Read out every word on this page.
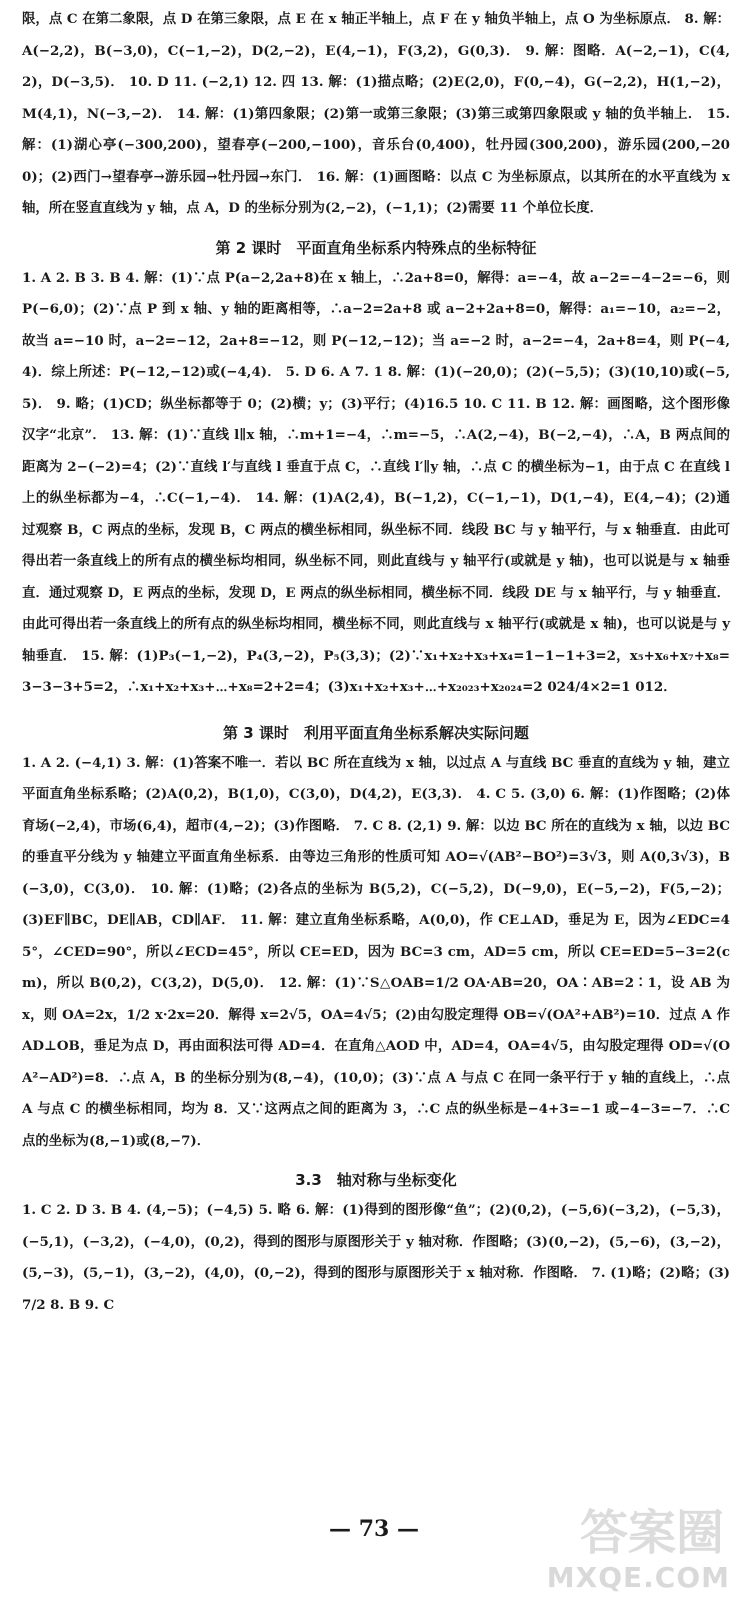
限，点 C 在第二象限，点 D 在第三象限，点 E 在 x 轴正半轴上，点 F 在 y 轴负半轴上，点 O 为坐标原点． 8. 解：A(−2,2)，B(−3,0)，C(−1,−2)，D(2,−2)，E(4,−1)，F(3,2)，G(0,3)． 9. 解：图略．A(−2,−1)，C(4,2)，D(−3,5)． 10. D 11. (−2,1) 12. 四 13. 解：(1)描点略；(2)E(2,0)，F(0,−4)，G(−2,2)，H(1,−2)，M(4,1)，N(−3,−2)． 14. 解：(1)第四象限；(2)第一或第三象限；(3)第三或第四象限或 y 轴的负半轴上． 15. 解：(1)湖心亭(−300,200)，望春亭(−200,−100)，音乐台(0,400)，牡丹园(300,200)，游乐园(200,−200)；(2)西门→望春亭→游乐园→牡丹园→东门． 16. 解：(1)画图略：以点 C 为坐标原点，以其所在的水平直线为 x 轴，所在竖直直线为 y 轴，点 A，D 的坐标分别为(2,−2)，(−1,1)；(2)需要 11 个单位长度．

第 2 课时　平面直角坐标系内特殊点的坐标特征

1. A 2. B 3. B 4. 解：(1)∵点 P(a−2,2a+8)在 x 轴上，∴2a+8=0，解得：a=−4，故 a−2=−4−2=−6，则 P(−6,0)；(2)∵点 P 到 x 轴、y 轴的距离相等，∴a−2=2a+8 或 a−2+2a+8=0，解得：a₁=−10，a₂=−2，故当 a=−10 时，a−2=−12，2a+8=−12，则 P(−12,−12)；当 a=−2 时，a−2=−4，2a+8=4，则 P(−4,4)．综上所述：P(−12,−12)或(−4,4)． 5. D 6. A 7. 1 8. 解：(1)(−20,0)；(2)(−5,5)；(3)(10,10)或(−5,5)． 9. 略；(1)CD；纵坐标都等于 0；(2)横；y；(3)平行；(4)16.5 10. C 11. B 12. 解：画图略，这个图形像汉字“北京”． 13. 解：(1)∵直线 l∥x 轴，∴m+1=−4，∴m=−5，∴A(2,−4)，B(−2,−4)，∴A，B 两点间的距离为 2−(−2)=4；(2)∵直线 l′与直线 l 垂直于点 C，∴直线 l′∥y 轴，∴点 C 的横坐标为−1，由于点 C 在直线 l 上的纵坐标都为−4，∴C(−1,−4)． 14. 解：(1)A(2,4)，B(−1,2)，C(−1,−1)，D(1,−4)，E(4,−4)；(2)通过观察 B，C 两点的坐标，发现 B，C 两点的横坐标相同，纵坐标不同．线段 BC 与 y 轴平行，与 x 轴垂直．由此可得出若一条直线上的所有点的横坐标均相同，纵坐标不同，则此直线与 y 轴平行(或就是 y 轴)，也可以说是与 x 轴垂直．通过观察 D，E 两点的坐标，发现 D，E 两点的纵坐标相同，横坐标不同．线段 DE 与 x 轴平行，与 y 轴垂直．由此可得出若一条直线上的所有点的纵坐标均相同，横坐标不同，则此直线与 x 轴平行(或就是 x 轴)，也可以说是与 y 轴垂直． 15. 解：(1)P₃(−1,−2)，P₄(3,−2)，P₅(3,3)；(2)∵x₁+x₂+x₃+x₄=1−1−1+3=2，x₅+x₆+x₇+x₈=3−3−3+5=2，∴x₁+x₂+x₃+⋯+x₈=2+2=4；(3)x₁+x₂+x₃+⋯+x₂₀₂₃+x₂₀₂₄=2 024/4×2=1 012．

第 3 课时　利用平面直角坐标系解决实际问题

1. A 2. (−4,1) 3. 解：(1)答案不唯一．若以 BC 所在直线为 x 轴，以过点 A 与直线 BC 垂直的直线为 y 轴，建立平面直角坐标系略；(2)A(0,2)，B(1,0)，C(3,0)，D(4,2)，E(3,3)． 4. C 5. (3,0) 6. 解：(1)作图略；(2)体育场(−2,4)，市场(6,4)，超市(4,−2)；(3)作图略． 7. C 8. (2,1) 9. 解：以边 BC 所在的直线为 x 轴，以边 BC 的垂直平分线为 y 轴建立平面直角坐标系．由等边三角形的性质可知 AO=√(AB²−BO²)=3√3，则 A(0,3√3)，B(−3,0)，C(3,0)． 10. 解：(1)略；(2)各点的坐标为 B(5,2)，C(−5,2)，D(−9,0)，E(−5,−2)，F(5,−2)；(3)EF∥BC，DE∥AB，CD∥AF． 11. 解：建立直角坐标系略，A(0,0)，作 CE⊥AD，垂足为 E，因为∠EDC=45°，∠CED=90°，所以∠ECD=45°，所以 CE=ED，因为 BC=3 cm，AD=5 cm，所以 CE=ED=5−3=2(cm)，所以 B(0,2)，C(3,2)，D(5,0)． 12. 解：(1)∵S△OAB=1/2 OA·AB=20，OA∶AB=2∶1，设 AB 为 x，则 OA=2x，1/2 x·2x=20．解得 x=2√5，OA=4√5；(2)由勾股定理得 OB=√(OA²+AB²)=10．过点 A 作 AD⊥OB，垂足为点 D，再由面积法可得 AD=4．在直角△AOD 中，AD=4，OA=4√5，由勾股定理得 OD=√(OA²−AD²)=8．∴点 A，B 的坐标分别为(8,−4)，(10,0)；(3)∵点 A 与点 C 在同一条平行于 y 轴的直线上，∴点 A 与点 C 的横坐标相同，均为 8．又∵这两点之间的距离为 3，∴C 点的纵坐标是−4+3=−1 或−4−3=−7．∴C 点的坐标为(8,−1)或(8,−7)．

3.3　轴对称与坐标变化

1. C 2. D 3. B 4. (4,−5)；(−4,5) 5. 略 6. 解：(1)得到的图形像“鱼”；(2)(0,2)，(−5,6)(−3,2)，(−5,3)，(−5,1)，(−3,2)，(−4,0)，(0,2)，得到的图形与原图形关于 y 轴对称．作图略；(3)(0,−2)，(5,−6)，(3,−2)，(5,−3)，(5,−1)，(3,−2)，(4,0)，(0,−2)，得到的图形与原图形关于 x 轴对称．作图略． 7. (1)略；(2)略；(3)7/2 8. B 9. C

— 73 —	答案圈
MXQE.COM
